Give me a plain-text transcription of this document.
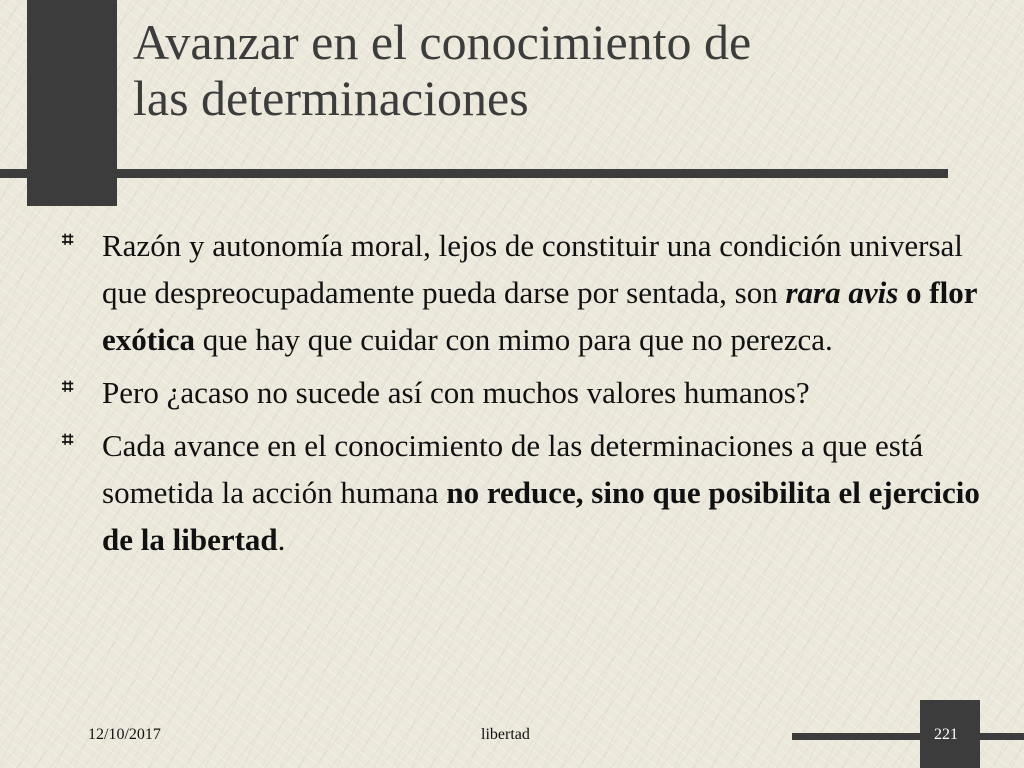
Avanzar en el conocimiento de
las determinaciones
⌗ Razón y autonomía moral, lejos de constituir una condición universal que despreocupadamente pueda darse por sentada, son rara avis o flor exótica que hay que cuidar con mimo para que no perezca.
⌗ Pero ¿acaso no sucede así con muchos valores humanos?
⌗ Cada avance en el conocimiento de las determinaciones a que está sometida la acción humana no reduce, sino que posibilita el ejercicio de la libertad.
12/10/2017	libertad	221
